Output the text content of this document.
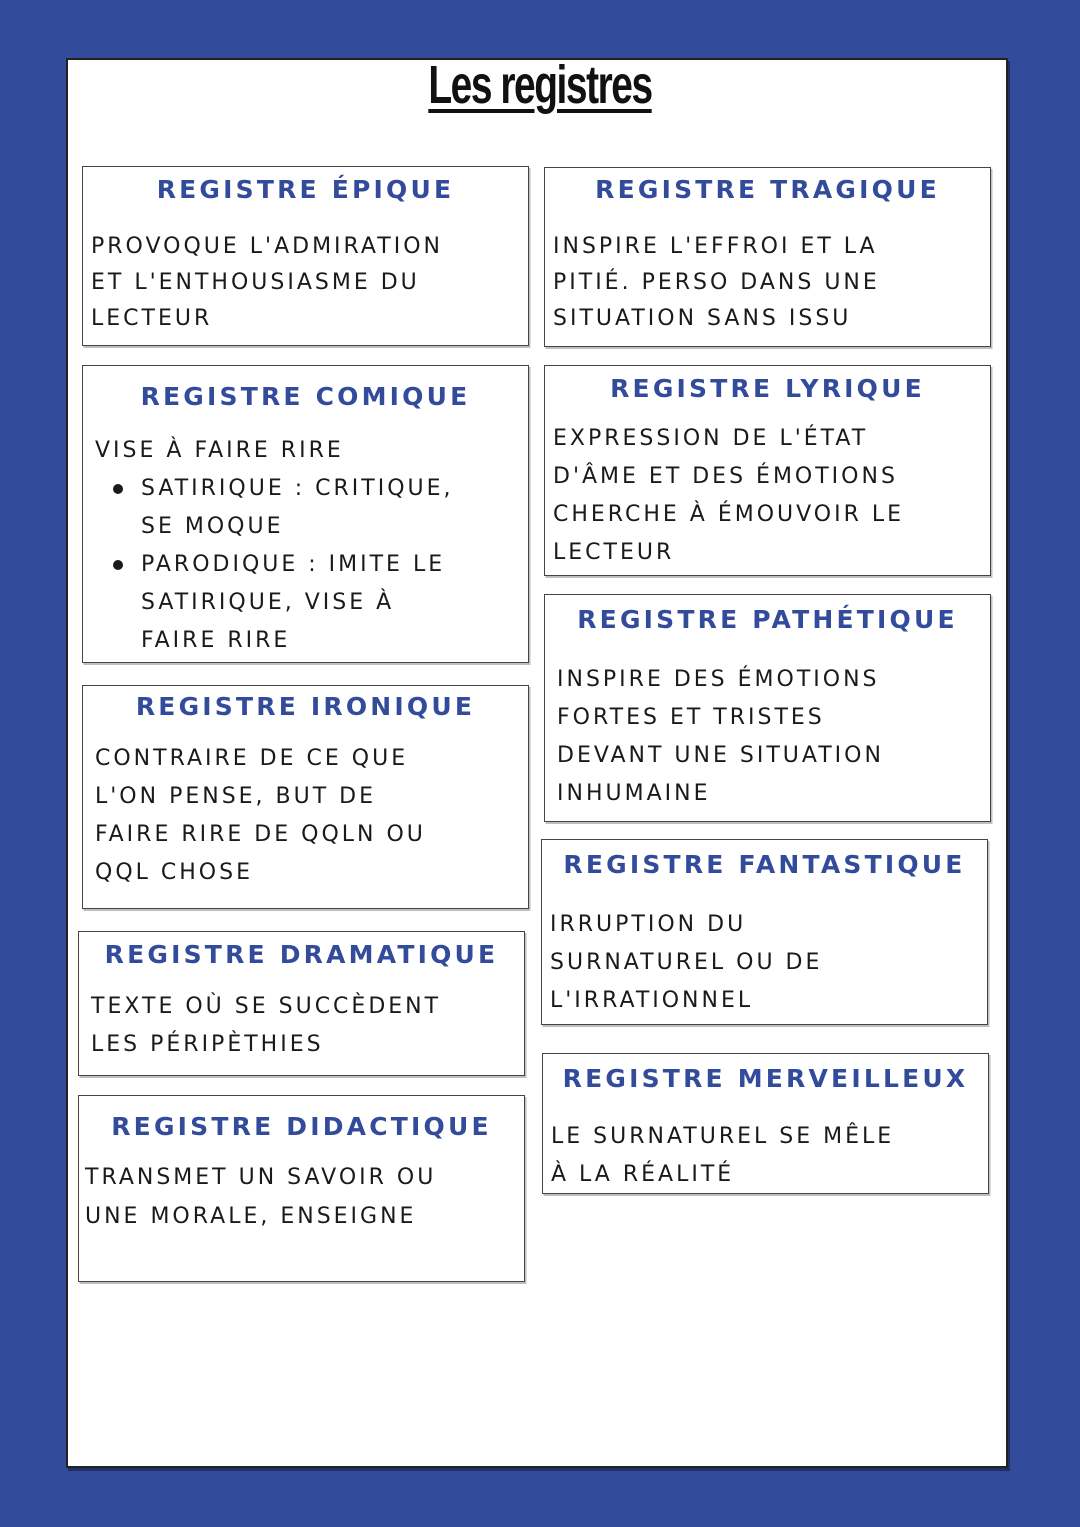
Les registres
REGISTRE ÉPIQUE
PROVOQUE L'ADMIRATION
ET L'ENTHOUSIASME DU
LECTEUR
REGISTRE COMIQUE
VISE À FAIRE RIRE
SATIRIQUE : CRITIQUE,
SE MOQUE
PARODIQUE : IMITE LE
SATIRIQUE, VISE À
FAIRE RIRE
REGISTRE IRONIQUE
CONTRAIRE DE CE QUE
L'ON PENSE, BUT DE
FAIRE RIRE DE QQLN OU
QQL CHOSE
REGISTRE DRAMATIQUE
TEXTE OÙ SE SUCCÈDENT
LES PÉRIPÈTHIES
REGISTRE DIDACTIQUE
TRANSMET UN SAVOIR OU
UNE MORALE, ENSEIGNE
REGISTRE TRAGIQUE
INSPIRE L'EFFROI ET LA
PITIÉ. PERSO DANS UNE
SITUATION SANS ISSU
REGISTRE LYRIQUE
EXPRESSION DE L'ÉTAT
D'ÂME ET DES ÉMOTIONS
CHERCHE À ÉMOUVOIR LE
LECTEUR
REGISTRE PATHÉTIQUE
INSPIRE DES ÉMOTIONS
FORTES ET TRISTES
DEVANT UNE SITUATION
INHUMAINE
REGISTRE FANTASTIQUE
IRRUPTION DU
SURNATUREL OU DE
L'IRRATIONNEL
REGISTRE MERVEILLEUX
LE SURNATUREL SE MÊLE
À LA RÉALITÉ
